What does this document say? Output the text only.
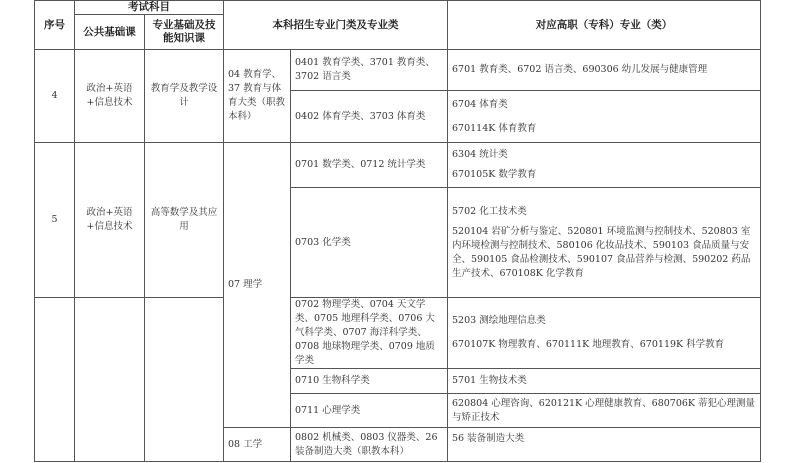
序号	考试科目		本科招生专业门类及专业类		对应高职（专科）专业（类）
	公共基础课	专业基础及技能知识课			
4	政治+英语+信息技术	教育学及教学设计	04 教育学、37 教育与体育大类（职教本科）	0401 教育学类、3701 教育类、3702 语言类	6701 教育类、6702 语言类、690306 幼儿发展与健康管理
				0402 体育学类、3703 体育类	6704 体育类
670114K 体育教育

5	政治+英语+信息技术	高等数学及其应用	07 理学	0701 数学类、0712 统计学类	6304 统计类
670105K 数学教育

				0703 化学类	5702 化工技术类
520104 岩矿分析与鉴定、520801 环境监测与控制技术、520803 室内环境检测与控制技术、580106 化妆品技术、590103 食品质量与安全、590105 食品检测技术、590107 食品营养与检测、590202 药品生产技术、670108K 化学教育

				0702 物理学类、0704 天文学类、0705 地理科学类、0706 大气科学类、0707 海洋科学类、0708 地球物理学类、0709 地质学类	5203 测绘地理信息类
670107K 物理教育、670111K 地理教育、670119K 科学教育

				0710 生物科学类	5701 生物技术类
				0711 心理学类	620804 心理咨询、620121K 心理健康教育、680706K 蒂犯心理测量与矫正技术
			08 工学	0802 机械类、0803 仪器类、26 装备制造大类（职教本科）	56 装备制造大类
